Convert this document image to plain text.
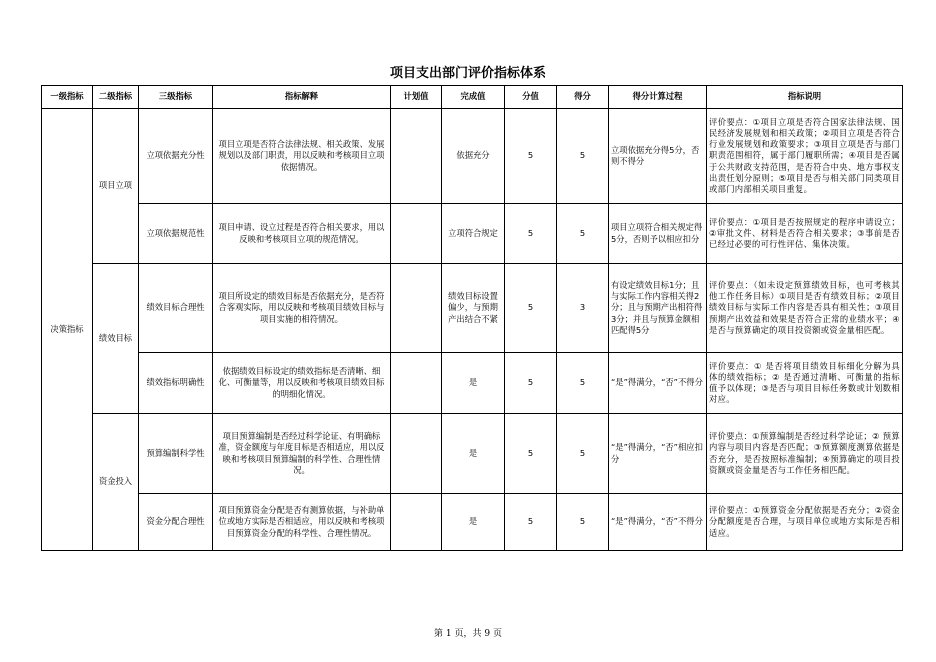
项目支出部门评价指标体系
一级指标	二级指标	三级指标	指标解释	计划值	完成值	分值	得分	得分计算过程	指标说明
决策指标	项目立项	立项依据充分性	项目立项是否符合法律法规、相关政策、发展规划以及部门职责，用以反映和考核项目立项依据情况。		依据充分	5	5	立项依据充分得5分，否则不得分	评价要点：①项目立项是否符合国家法律法规、国民经济发展规划和相关政策；②项目立项是否符合行业发展规划和政策要求；③项目立项是否与部门职责范围相符，属于部门履职所需；④项目是否属于公共财政支持范围，是否符合中央、地方事权支出责任划分原则；⑤项目是否与相关部门同类项目或部门内部相关项目重复。
		立项依据规范性	项目申请、设立过程是否符合相关要求，用以反映和考核项目立项的规范情况。		立项符合规定	5	5	项目立项符合相关规定得5分，否则予以相应扣分	评价要点：①项目是否按照规定的程序申请设立；②审批文件、材料是否符合相关要求；③事前是否已经过必要的可行性评估、集体决策。
	绩效目标	绩效目标合理性	项目所设定的绩效目标是否依据充分，是否符合客观实际，用以反映和考核项目绩效目标与项目实施的相符情况。		绩效目标设置偏少，与预期产出结合不紧	5	3	有设定绩效目标1分；且与实际工作内容相关得2分；且与预期产出相符得3分；并且与预算金额相匹配得5分	评价要点：（如未设定预算绩效目标，也可考核其他工作任务目标）①项目是否有绩效目标；②项目绩效目标与实际工作内容是否具有相关性；③项目预期产出效益和效果是否符合正常的业绩水平；④是否与预算确定的项目投资额或资金量相匹配。
		绩效指标明确性	依据绩效目标设定的绩效指标是否清晰、细化、可衡量等，用以反映和考核项目绩效目标的明细化情况。		是	5	5	“是”得满分，“否”不得分	评价要点：① 是否将项目绩效目标细化分解为具体的绩效指标；② 是否通过清晰、可衡量的指标值予以体现；③是否与项目目标任务数或计划数相对应。
	资金投入	预算编制科学性	项目预算编制是否经过科学论证、有明确标准，资金额度与年度目标是否相适应，用以反映和考核项目预算编制的科学性、合理性情况。		是	5	5	“是”得满分，“否”相应扣分	评价要点：①预算编制是否经过科学论证；② 预算内容与项目内容是否匹配；③预算额度测算依据是否充分，是否按照标准编制；④预算确定的项目投资额或资金量是否与工作任务相匹配。
		资金分配合理性	项目预算资金分配是否有测算依据，与补助单位或地方实际是否相适应，用以反映和考核项目预算资金分配的科学性、合理性情况。		是	5	5	“是”得满分，“否”不得分	评价要点：①预算资金分配依据是否充分；②资金分配额度是否合理，与项目单位或地方实际是否相适应。
第 1 页，共 9 页
